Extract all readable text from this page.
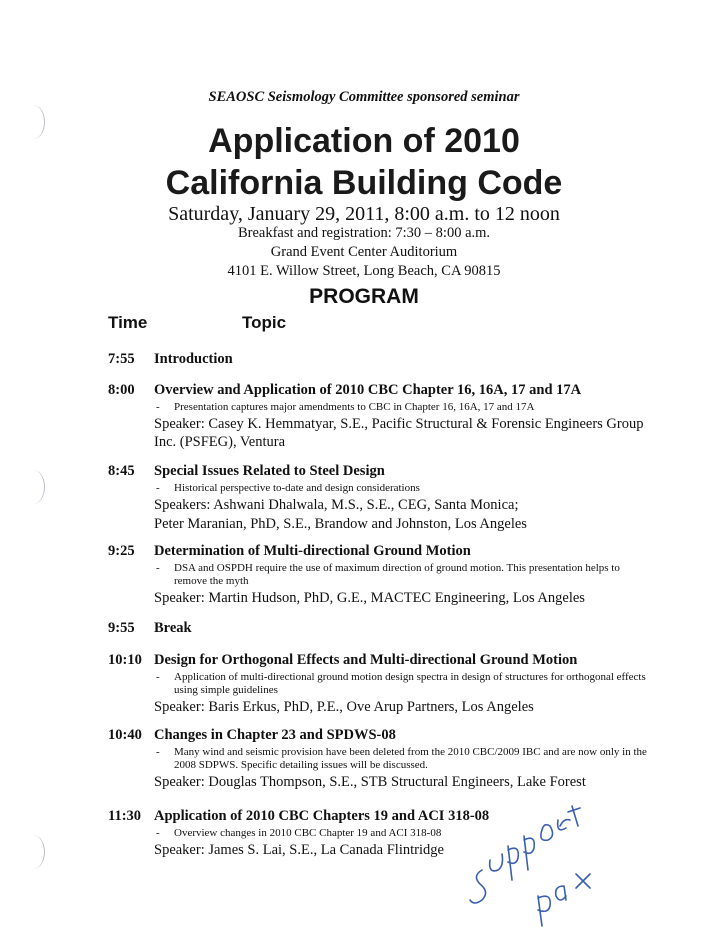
SEAOSC Seismology Committee sponsored seminar
Application of 2010
California Building Code
Saturday, January 29, 2011, 8:00 a.m. to 12 noon
Breakfast and registration: 7:30 – 8:00 a.m.
Grand Event Center Auditorium
4101 E. Willow Street, Long Beach, CA 90815
PROGRAM
Time	Topic
7:55	Introduction
8:00	Overview and Application of 2010 CBC Chapter 16, 16A, 17 and 17A
- Presentation captures major amendments to CBC in Chapter 16, 16A, 17 and 17A
Speaker: Casey K. Hemmatyar, S.E., Pacific Structural & Forensic Engineers Group Inc. (PSFEG), Ventura
8:45	Special Issues Related to Steel Design
- Historical perspective to-date and design considerations
Speakers: Ashwani Dhalwala, M.S., S.E., CEG, Santa Monica;
Peter Maranian, PhD, S.E., Brandow and Johnston, Los Angeles
9:25	Determination of Multi-directional Ground Motion
- DSA and OSPDH require the use of maximum direction of ground motion. This presentation helps to remove the myth
Speaker: Martin Hudson, PhD, G.E., MACTEC Engineering, Los Angeles
9:55	Break
10:10 Design for Orthogonal Effects and Multi-directional Ground Motion
- Application of multi-directional ground motion design spectra in design of structures for orthogonal effects using simple guidelines
Speaker: Baris Erkus, PhD, P.E., Ove Arup Partners, Los Angeles
10:40 Changes in Chapter 23 and SPDWS-08
- Many wind and seismic provision have been deleted from the 2010 CBC/2009 IBC and are now only in the 2008 SDPWS. Specific detailing issues will be discussed.
Speaker: Douglas Thompson, S.E., STB Structural Engineers, Lake Forest
11:30 Application of 2010 CBC Chapters 19 and ACI 318-08
- Overview changes in 2010 CBC Chapter 19 and ACI 318-08
Speaker: James S. Lai, S.E., La Canada Flintridge
